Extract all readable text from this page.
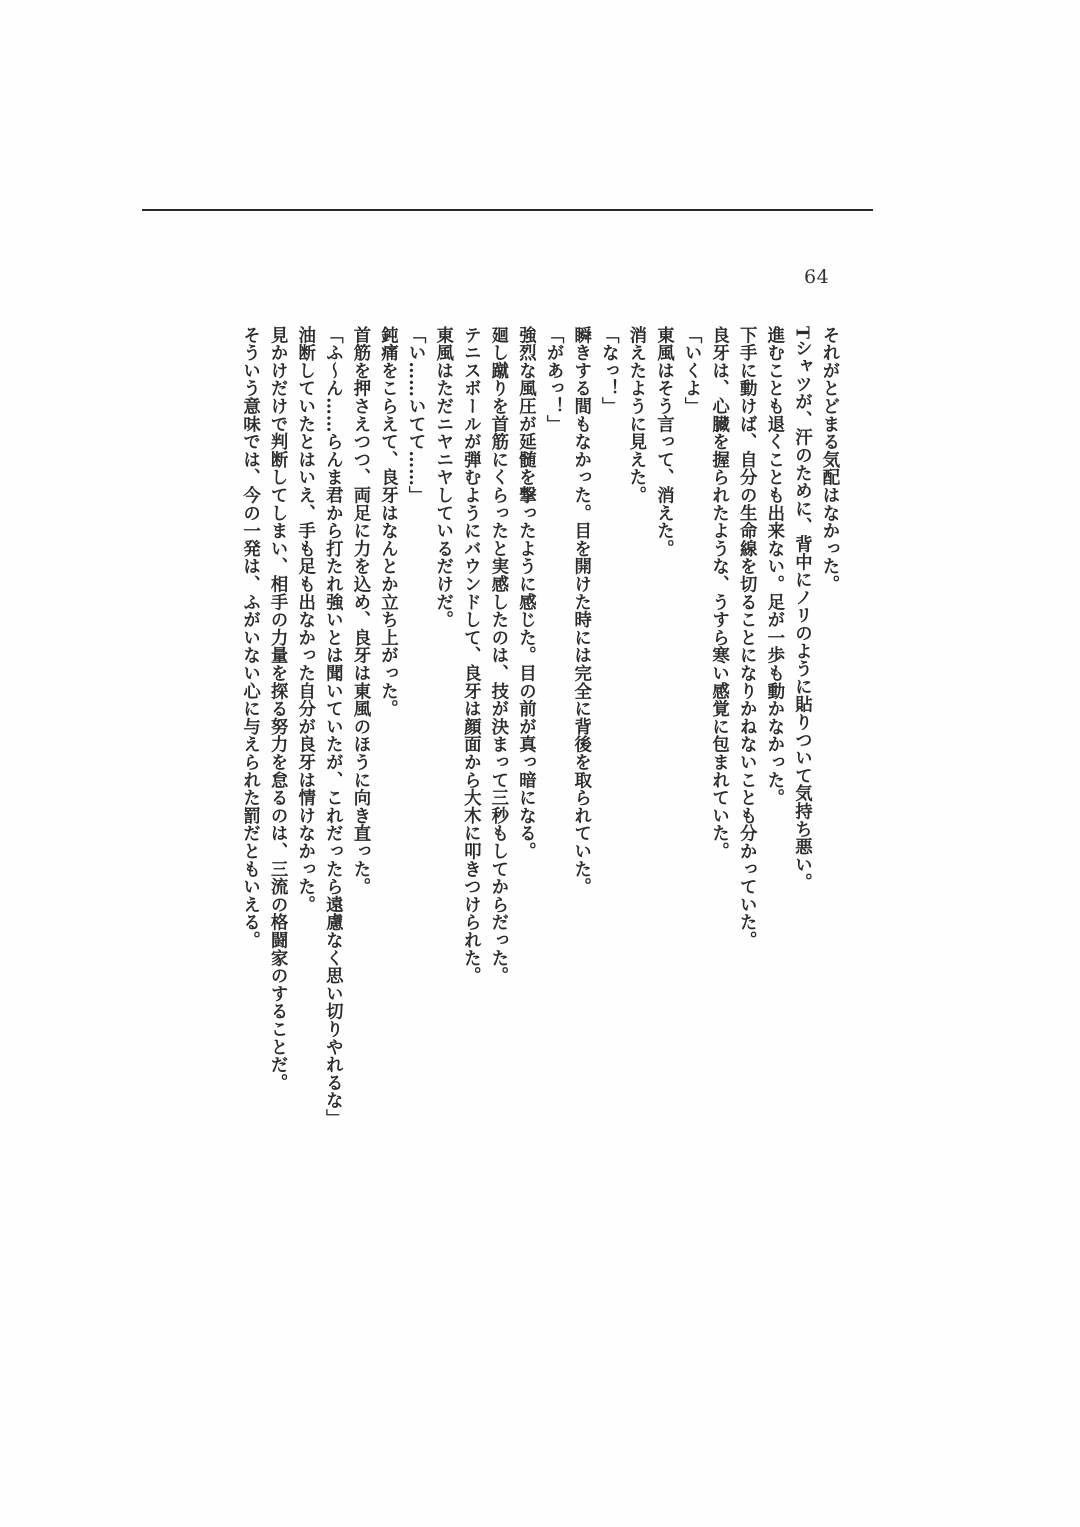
64
それがとどまる気配はなかった。
Tシャツが、汗のために、背中にノリのように貼りついて気持ち悪い。
進むことも退くことも出来ない。足が一歩も動かなかった。
下手に動けば、自分の生命線を切ることになりかねないことも分かっていた。
良牙は、心臓を握られたような、うすら寒い感覚に包まれていた。
「いくよ」
東風はそう言って、消えた。
消えたように見えた。
「なっ！」
瞬きする間もなかった。目を開けた時には完全に背後を取られていた。
「があっ！」
強烈な風圧が延髄を撃ったように感じた。目の前が真っ暗になる。
廻し蹴りを首筋にくらったと実感したのは、技が決まって三秒もしてからだった。
テニスボールが弾むようにバウンドして、良牙は顔面から大木に叩きつけられた。
東風はただニヤニヤしているだけだ。
「い……いてて……」
鈍痛をこらえて、良牙はなんとか立ち上がった。
首筋を押さえつつ、両足に力を込め、良牙は東風のほうに向き直った。
「ふ～ん……らんま君から打たれ強いとは聞いていたが、これだったら遠慮なく思い切りやれるな」
油断していたとはいえ、手も足も出なかった自分が良牙は情けなかった。
見かけだけで判断してしまい、相手の力量を探る努力を怠るのは、三流の格闘家のすることだ。
そういう意味では、今の一発は、ふがいない心に与えられた罰だともいえる。
